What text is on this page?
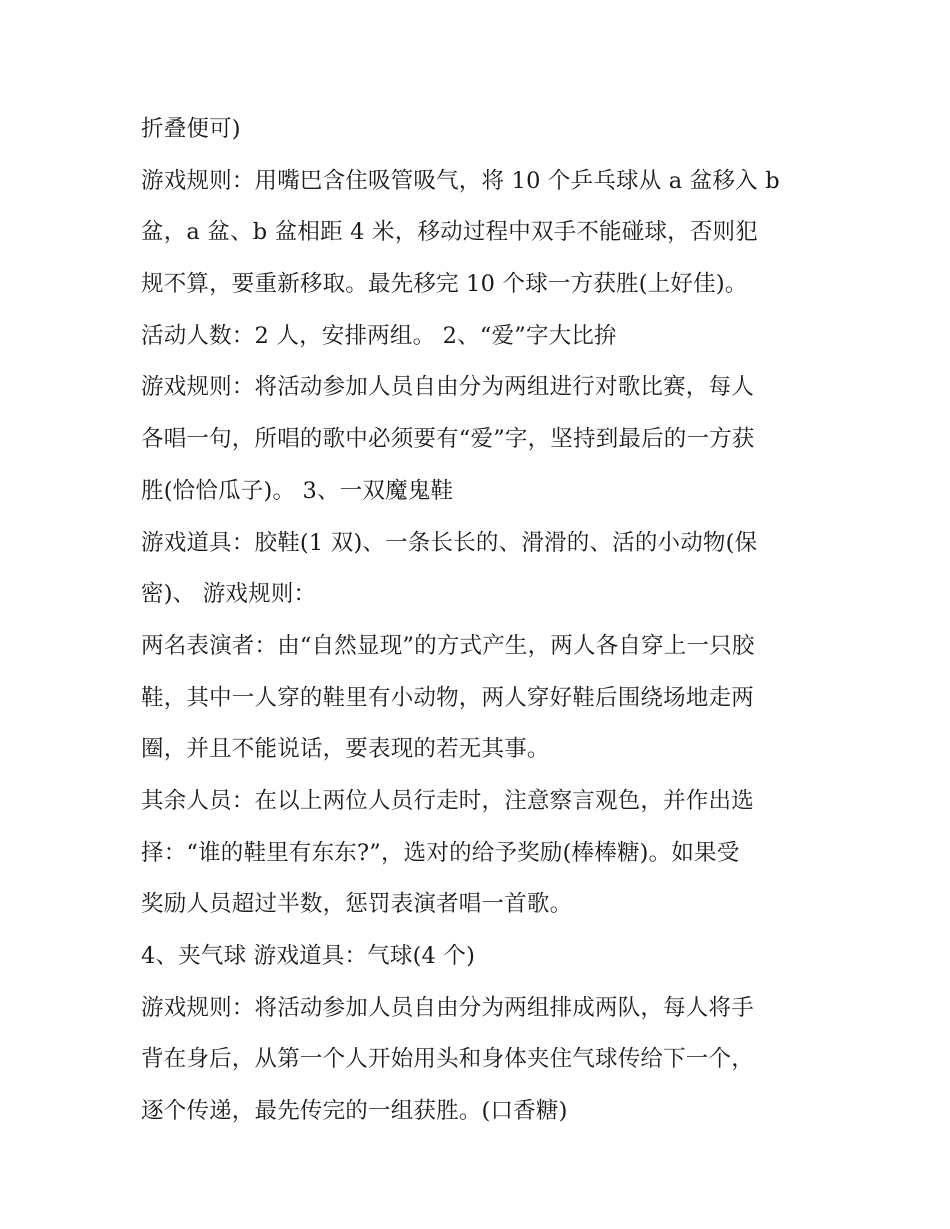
折叠便可)
游戏规则：用嘴巴含住吸管吸气，将 10 个乒乓球从 a 盆移入 b
盆，a 盆、b 盆相距 4 米，移动过程中双手不能碰球，否则犯
规不算，要重新移取。最先移完 10 个球一方获胜(上好佳)。
活动人数：2 人，安排两组。 2、“爱”字大比拚
游戏规则：将活动参加人员自由分为两组进行对歌比赛，每人
各唱一句，所唱的歌中必须要有“爱”字，坚持到最后的一方获
胜(恰恰瓜子)。 3、一双魔鬼鞋
游戏道具：胶鞋(1 双)、一条长长的、滑滑的、活的小动物(保
密)、 游戏规则：
两名表演者：由“自然显现”的方式产生，两人各自穿上一只胶
鞋，其中一人穿的鞋里有小动物，两人穿好鞋后围绕场地走两
圈，并且不能说话，要表现的若无其事。
其余人员：在以上两位人员行走时，注意察言观色，并作出选
择：“谁的鞋里有东东?”，选对的给予奖励(棒棒糖)。如果受
奖励人员超过半数，惩罚表演者唱一首歌。
4、夹气球 游戏道具：气球(4 个)
游戏规则：将活动参加人员自由分为两组排成两队，每人将手
背在身后，从第一个人开始用头和身体夹住气球传给下一个，
逐个传递，最先传完的一组获胜。(口香糖)
